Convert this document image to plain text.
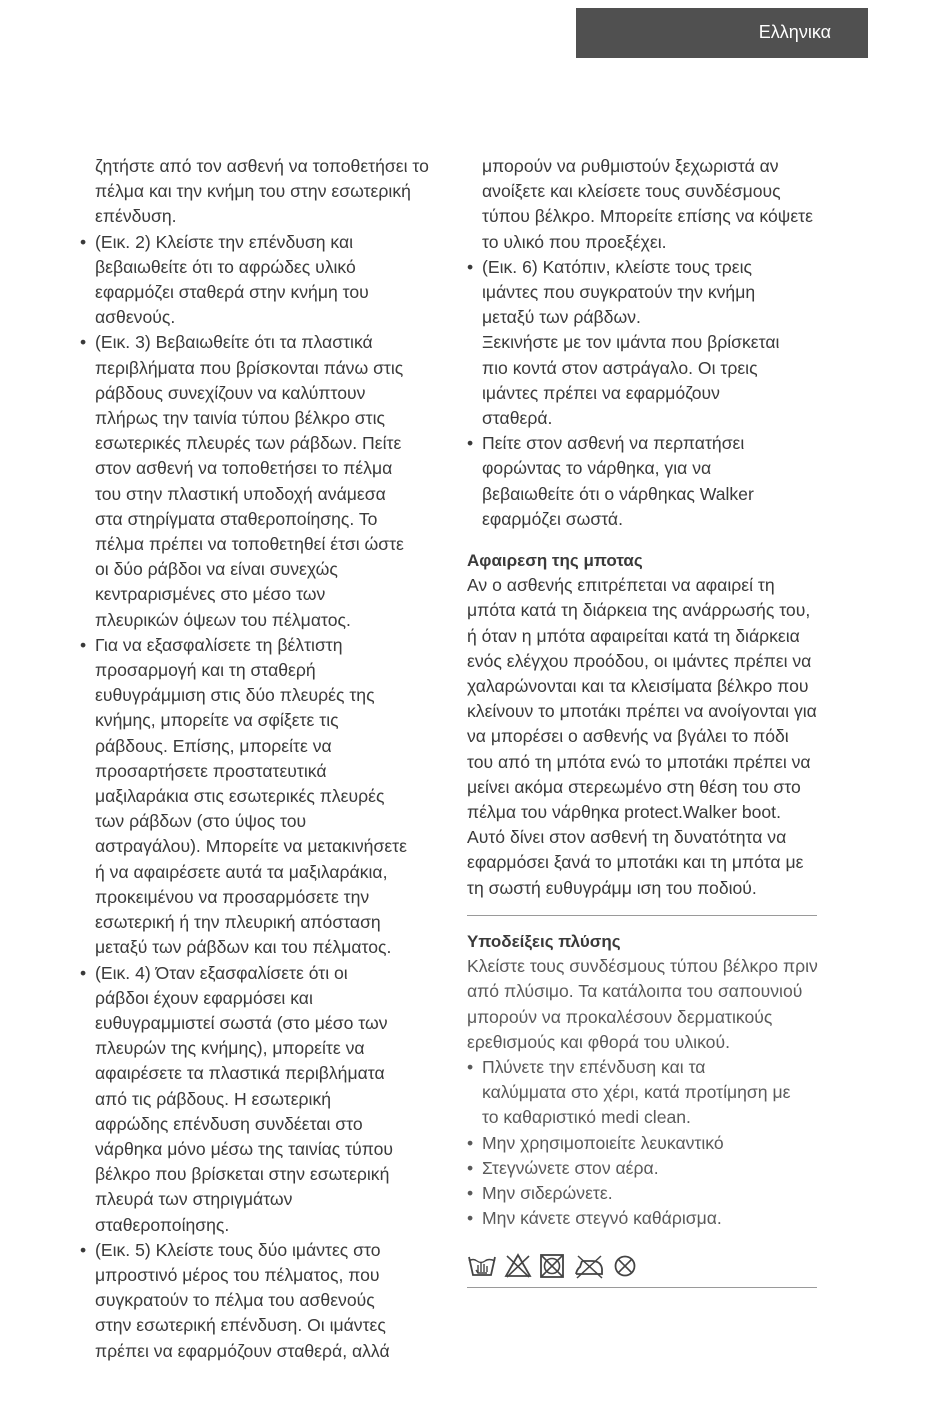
Ελληνικα

ζητήστε από τον ασθενή να τοποθετήσει το πέλμα και την κνήμη του στην εσωτερική επένδυση.

• (Εικ. 2) Κλείστε την επένδυση και
βεβαιωθείτε ότι το αφρώδες υλικό
εφαρμόζει σταθερά στην κνήμη του
ασθενούς.
• (Εικ. 3) Βεβαιωθείτε ότι τα πλαστικά
περιβλήματα που βρίσκονται πάνω στις
ράβδους συνεχίζουν να καλύπτουν
πλήρως την ταινία τύπου βέλκρο στις
εσωτερικές πλευρές των ράβδων. Πείτε
στον ασθενή να τοποθετήσει το πέλμα
του στην πλαστική υποδοχή ανάμεσα
στα στηρίγματα σταθεροποίησης. Το
πέλμα πρέπει να τοποθετηθεί έτσι ώστε
οι δύο ράβδοι να είναι συνεχώς
κεντραρισμένες στο μέσο των
πλευρικών όψεων του πέλματος.
• Για να εξασφαλίσετε τη βέλτιστη
προσαρμογή και τη σταθερή
ευθυγράμμιση στις δύο πλευρές της
κνήμης, μπορείτε να σφίξετε τις
ράβδους. Επίσης, μπορείτε να
προσαρτήσετε προστατευτικά
μαξιλαράκια στις εσωτερικές πλευρές
των ράβδων (στο ύψος του
αστραγάλου). Μπορείτε να μετακινήσετε
ή να αφαιρέσετε αυτά τα μαξιλαράκια,
προκειμένου να προσαρμόσετε την
εσωτερική ή την πλευρική απόσταση
μεταξύ των ράβδων και του πέλματος.
• (Εικ. 4) Όταν εξασφαλίσετε ότι οι
ράβδοι έχουν εφαρμόσει και
ευθυγραμμιστεί σωστά (στο μέσο των
πλευρών της κνήμης), μπορείτε να
αφαιρέσετε τα πλαστικά περιβλήματα
από τις ράβδους. Η εσωτερική
αφρώδης επένδυση συνδέεται στο
νάρθηκα μόνο μέσω της ταινίας τύπου
βέλκρο που βρίσκεται στην εσωτερική
πλευρά των στηριγμάτων
σταθεροποίησης.
• (Εικ. 5) Κλείστε τους δύο ιμάντες στο
μπροστινό μέρος του πέλματος, που
συγκρατούν το πέλμα του ασθενούς
στην εσωτερική επένδυση. Οι ιμάντες
πρέπει να εφαρμόζουν σταθερά, αλλά

μπορούν να ρυθμιστούν ξεχωριστά αν ανοίξετε και κλείσετε τους συνδέσμους τύπου βέλκρο. Μπορείτε επίσης να κόψετε το υλικό που προεξέχει.

• (Εικ. 6) Κατόπιν, κλείστε τους τρεις
ιμάντες που συγκρατούν την κνήμη
μεταξύ των ράβδων.
Ξεκινήστε με τον ιμάντα που βρίσκεται
πιο κοντά στον αστράγαλο. Οι τρεις
ιμάντες πρέπει να εφαρμόζουν
σταθερά.
• Πείτε στον ασθενή να περπατήσει
φορώντας το νάρθηκα, για να
βεβαιωθείτε ότι ο νάρθηκας Walker
εφαρμόζει σωστά.
Αφαιρεση της μποτας

Αν ο ασθενής επιτρέπεται να αφαιρεί τη μπότα κατά τη διάρκεια της ανάρρωσής του, ή όταν η μπότα αφαιρείται κατά τη διάρκεια ενός ελέγχου προόδου, οι ιμάντες πρέπει να χαλαρώνονται και τα κλεισίματα βέλκρο που κλείνουν το μποτάκι πρέπει να ανοίγονται για να μπορέσει ο ασθενής να βγάλει το πόδι του από τη μπότα ενώ το μποτάκι πρέπει να μείνει ακόμα στερεωμένο στη θέση του στο πέλμα του νάρθηκα protect.Walker boot. Αυτό δίνει στον ασθενή τη δυνατότητα να εφαρμόσει ξανά το μποτάκι και τη μπότα με τη σωστή ευθυγράμμ ιση του ποδιού.

Υποδείξεις πλύσης

Κλείστε τους συνδέσμους τύπου βέλκρο πριν από πλύσιμο. Τα κατάλοιπα του σαπουνιού μπορούν να προκαλέσουν δερματικούς ερεθισμούς και φθορά του υλικού.

• Πλύνετε την επένδυση και τα
καλύμματα στο χέρι, κατά προτίμηση με
το καθαριστικό medi clean.
• Μην χρησιμοποιείτε λευκαντικό
• Στεγνώνετε στον αέρα.
• Μην σιδερώνετε.
• Μην κάνετε στεγνό καθάρισμα.
